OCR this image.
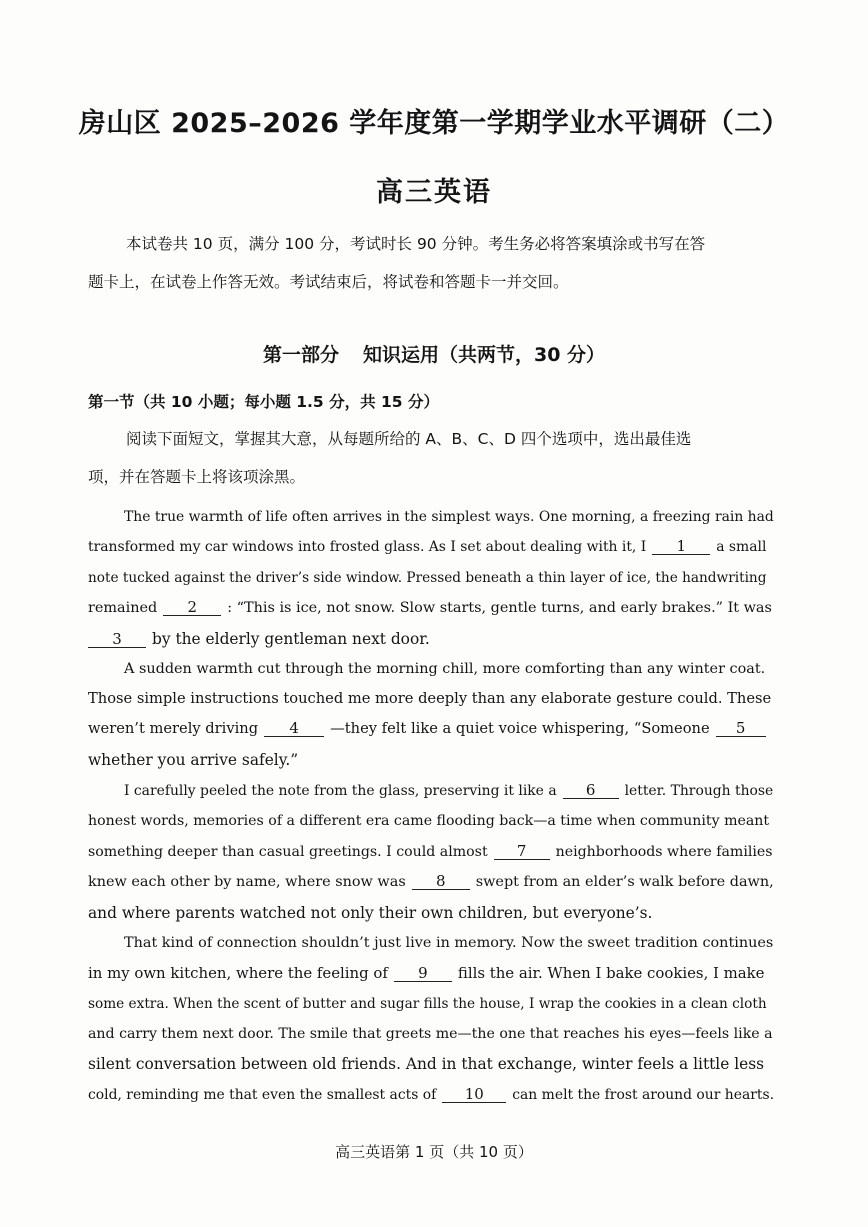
房山区 2025–2026 学年度第一学期学业水平调研（二）
高三英语
本试卷共 10 页，满分 100 分，考试时长 90 分钟。考生务必将答案填涂或书写在答
题卡上，在试卷上作答无效。考试结束后，将试卷和答题卡一并交回。
第一部分 知识运用（共两节，30 分）
第一节（共 10 小题；每小题 1.5 分，共 15 分）
阅读下面短文，掌握其大意，从每题所给的 A、B、C、D 四个选项中，选出最佳选
项，并在答题卡上将该项涂黑。
The true warmth of life often arrives in the simplest ways. One morning, a freezing rain had
transformed my car windows into frosted glass. As I set about dealing with it, I 1 a small
note tucked against the driver’s side window. Pressed beneath a thin layer of ice, the handwriting
remained 2 : “This is ice, not snow. Slow starts, gentle turns, and early brakes.” It was
3 by the elderly gentleman next door.
A sudden warmth cut through the morning chill, more comforting than any winter coat.
Those simple instructions touched me more deeply than any elaborate gesture could. These
weren’t merely driving 4 —they felt like a quiet voice whispering, “Someone 5
whether you arrive safely.”
I carefully peeled the note from the glass, preserving it like a 6 letter. Through those
honest words, memories of a different era came flooding back—a time when community meant
something deeper than casual greetings. I could almost 7 neighborhoods where families
knew each other by name, where snow was 8 swept from an elder’s walk before dawn,
and where parents watched not only their own children, but everyone’s.
That kind of connection shouldn’t just live in memory. Now the sweet tradition continues
in my own kitchen, where the feeling of 9 fills the air. When I bake cookies, I make
some extra. When the scent of butter and sugar fills the house, I wrap the cookies in a clean cloth
and carry them next door. The smile that greets me—the one that reaches his eyes—feels like a
silent conversation between old friends. And in that exchange, winter feels a little less
cold, reminding me that even the smallest acts of 10 can melt the frost around our hearts.
高三英语第 1 页（共 10 页）
